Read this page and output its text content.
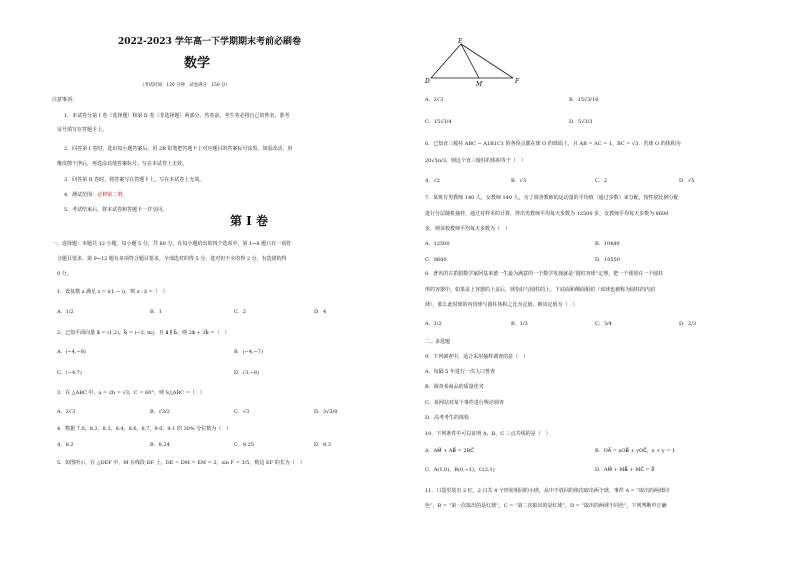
2022-2023 学年高一下学期期末考前必刷卷
数学
（考试时间：120 分钟　试卷满分：150 分）
注意事项：
1．本试卷分第 I 卷（选择题）和第 II 卷（非选择题）两部分。答卷前，考生务必将自己的姓名、准考
证号填写在答题卡上。
2．回答第 I 卷时，选出每小题答案后，用 2B 铅笔把答题卡上对应题目的答案标号涂黑。如需改动，用
橡皮擦干净后，再选涂其他答案标号。写在本试卷上无效。
3．回答第 II 卷时，将答案写在答题卡上。写在本试卷上无效。
4．测试范围：必修第二册。
5．考试结束后，将本试卷和答题卡一并交回。
第 I 卷
一、选择题：本题共 12 小题，每小题 5 分，共 60 分。在每小题给出的四个选项中，第 1~8 题只有一项符
合题目要求，第 9~12 题有多项符合题目要求。全部选对的得 5 分，选对但不全的得 2 分，有选错的得
0 分。
1．设复数 z 满足 z = i(1 − i)，则 z · z̄ =（　）
A．1/2	B．1	C．2	D．4
2．已知平面向量 a⃗ = (1,2)，b⃗ = (−2, m)，且 a⃗ ∥ b⃗，则 2a⃗ + 3b⃗ =（　）
A．(−4,−8)	B．(−4,−7)
C．(−4,7)	D．(3,−8)
3．在 △ABC 中，a = 2b = √3，C = 60°，则 S△ABC =（　）
A．2√3	B．√3/2	C．√3	D．3√3/8
4．数据 7.0，8.2，8.3，8.4，8.6，8.7，9.0，9.1 的 30% 分位数为（　）
A．8.2	B．8.24	C．8.25	D．8.3
5．如图所示，在 △DEF 中，M 在线段 DF 上，DE = DM = EM = 2，sin F = 3/5，则边 EF 的长为（　）
E
D	M	F
A．2√3	B．15√3/16
C．15√3/4	D．5√3/3
6．已知直三棱柱 ABC − A1B1C1 的各顶点都在球 O 的球面上，且 AB = AC = 1，BC = √3．若球 O 的体积为
20√5π/3，则这个直三棱柱的体积等于（　）
A．√2	B．√3	C．2	D．√5
7．某班有男教师 140 人，女教师 140 人，为了调查教师的运动量的平均值（通过步数）来分配，按性别比例分配
进行分层随机抽样，通过对样本的计算，得出男教师平均每天步数为 12500 步，女教师平均每天步数为 8600
步，则该校教师平均每天步数为（　）
A．12500	B．10480
C．8600	D．10550
8．著名的古希腊数学家阿基米德一生最为满意的一个数学发现就是“圆柱容球”定理，把一个球放在一个圆柱
形的容器中，如果盖上容器的上盖后，球恰好与圆柱的上、下底面和侧面相切（该球也被称为圆柱的内切
球），那么此时球的内切球与圆柱体积之比为定值，则该定值为（　）．
A．1/2	B．1/3	C．3/4	D．2/3
二、多选题
9．下列调查中，适合采用抽样调查的是（　）
A．每隔 5 年进行一次人口普查
B．调查某商品的质量优劣
C．某网站对某个事件进行舆论调查
D．高考考生的体检
10．下列条件中可以证明 A、B、C 三点共线的是（　）
A．AM⃗ + AB⃗ = 2BC⃗	B．OA⃗ = xOB⃗ + yOC⃗，x + y = 1
C．A(1,0)，B(0,−1)，C(2,1)	D．AM⃗ + MB⃗ + MC⃗ = 0⃗
11．口袋里装有 2 红，2 白共 4 个形状相同的小球，从中不放回的依次取出两个球，事件 A = “取出的两球同
色”，B = “第一次取出的是红球”，C = “第二次取出的是红球”，D = “取出的两球不同色”，下列判断中正确
